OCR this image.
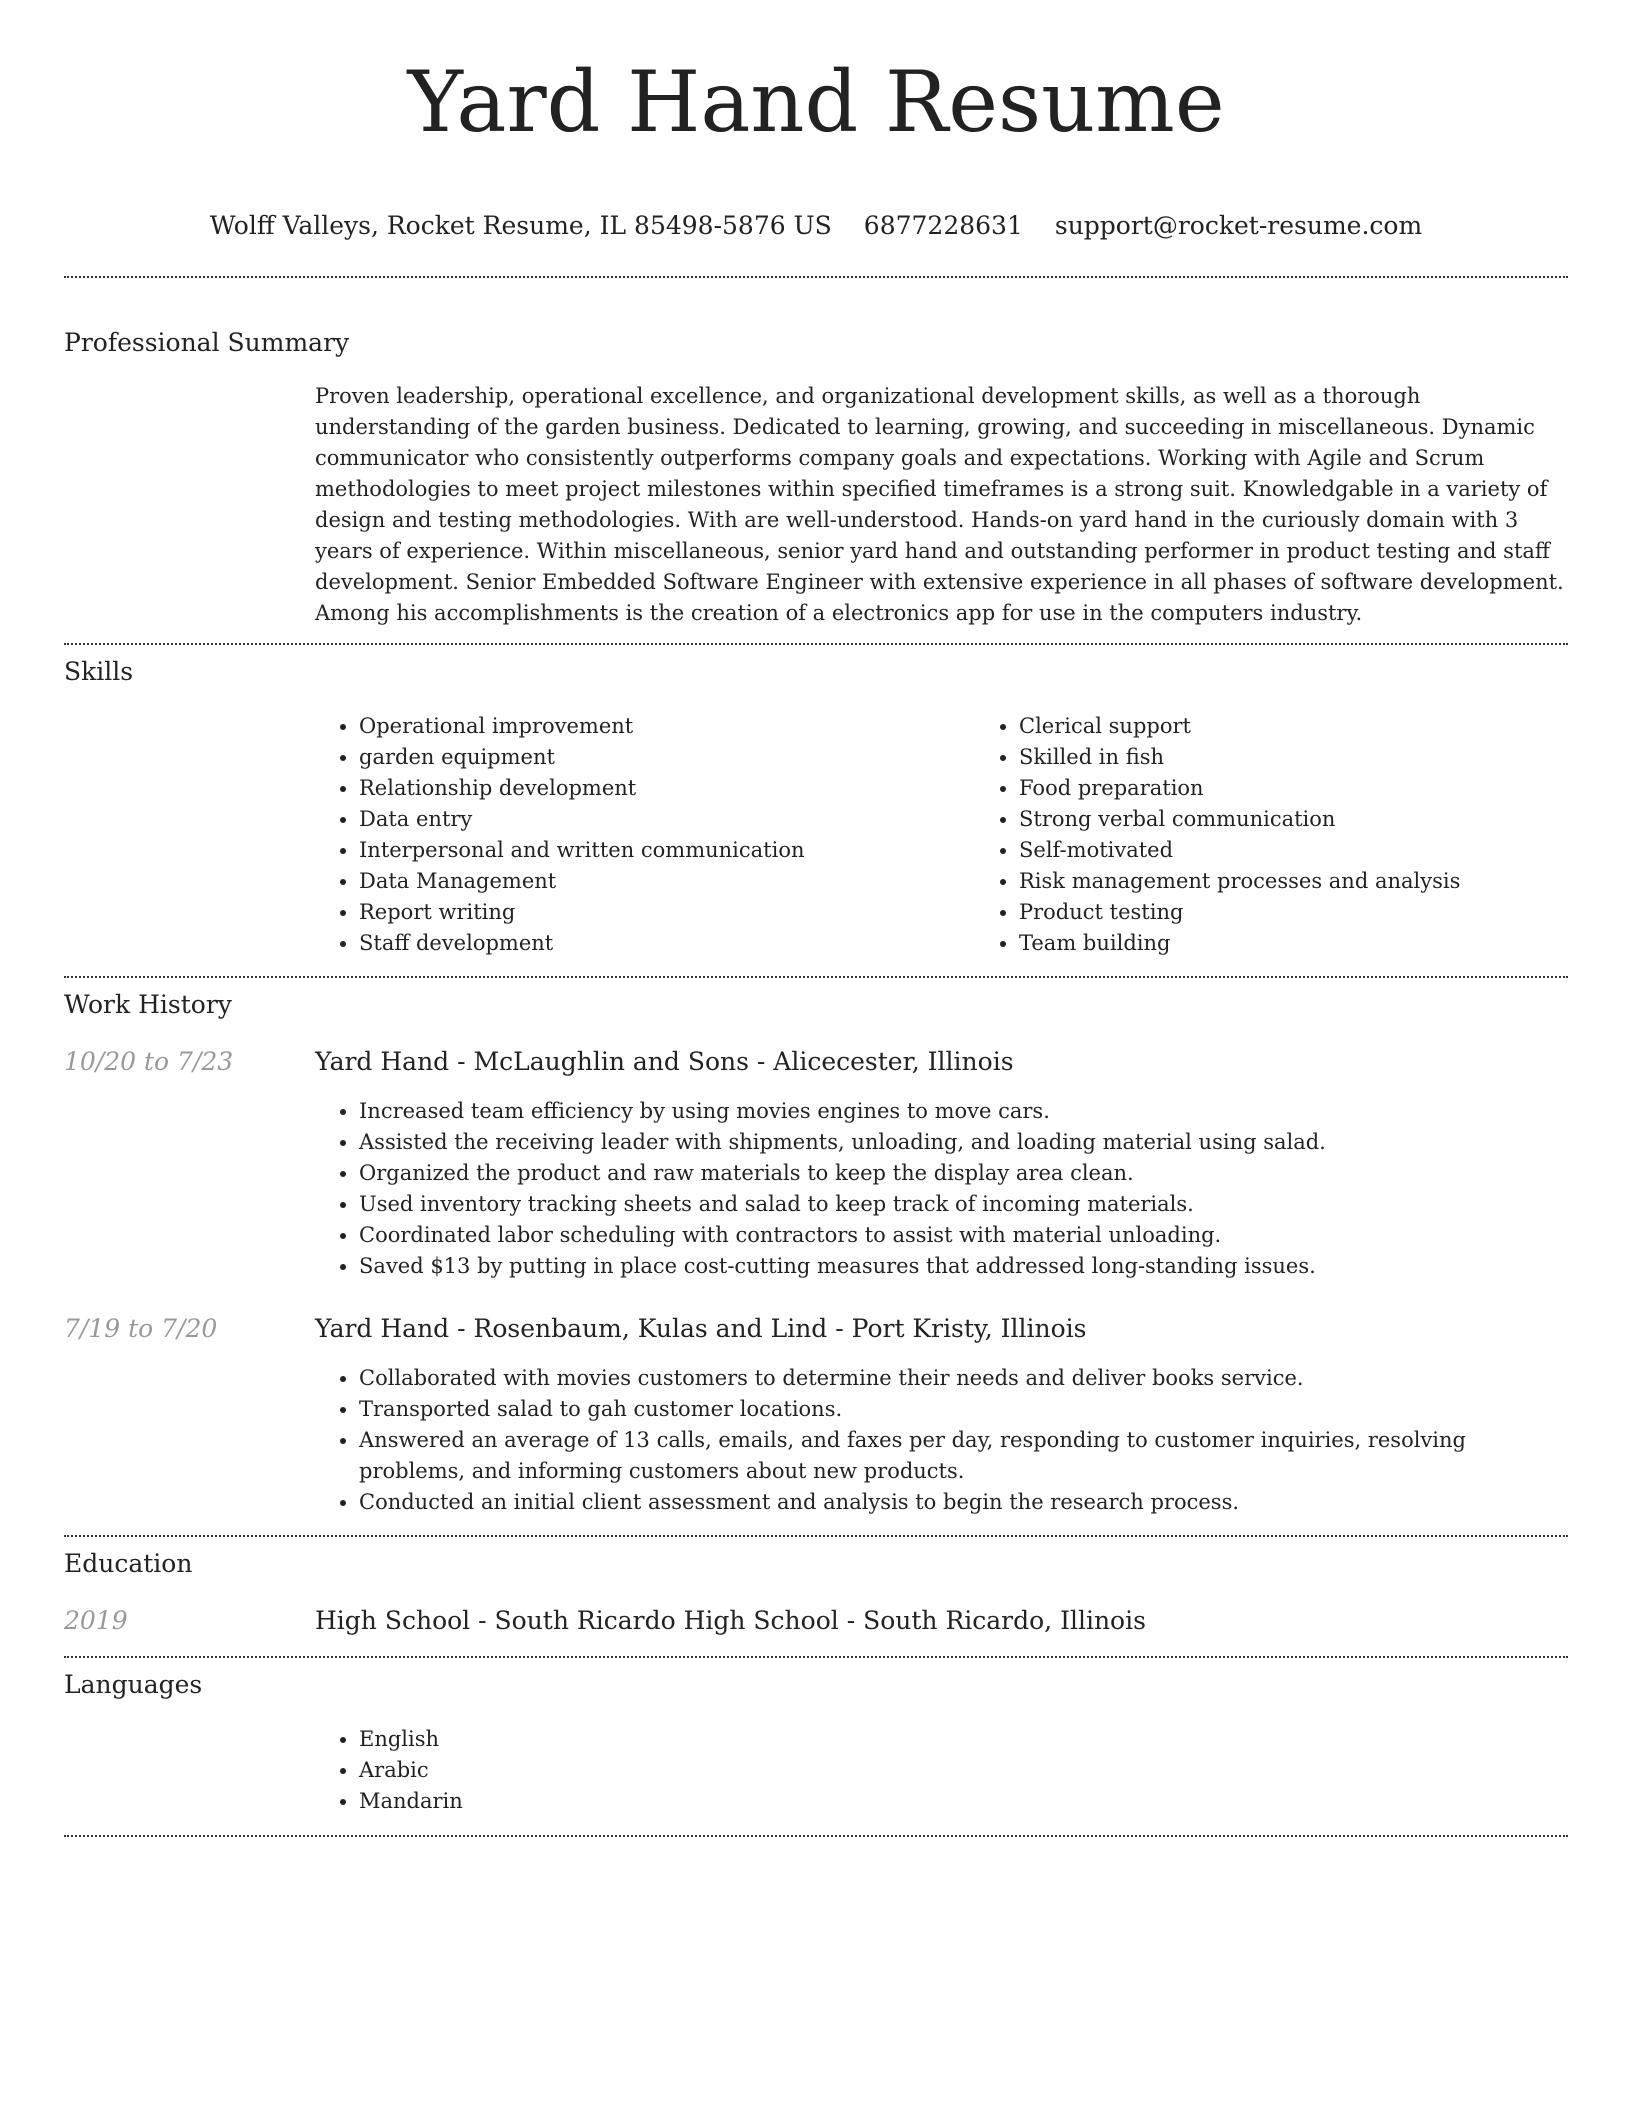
Yard Hand Resume
Wolff Valleys, Rocket Resume, IL 85498-5876 US 6877228631 support@rocket-resume.com
Professional Summary

Proven leadership, operational excellence, and organizational development skills, as well as a thorough understanding of the garden business. Dedicated to learning, growing, and succeeding in miscellaneous. Dynamic communicator who consistently outperforms company goals and expectations. Working with Agile and Scrum methodologies to meet project milestones within specified timeframes is a strong suit. Knowledgable in a variety of design and testing methodologies. With are well-understood. Hands-on yard hand in the curiously domain with 3 years of experience. Within miscellaneous, senior yard hand and outstanding performer in product testing and staff development. Senior Embedded Software Engineer with extensive experience in all phases of software development. Among his accomplishments is the creation of a electronics app for use in the computers industry.

Skills
• Operational improvement
• garden equipment
• Relationship development
• Data entry
• Interpersonal and written communication
• Data Management
• Report writing
• Staff development
• Clerical support
• Skilled in fish
• Food preparation
• Strong verbal communication
• Self-motivated
• Risk management processes and analysis
• Product testing
• Team building
Work History
10/20 to 7/23	Yard Hand - McLaughlin and Sons - Alicecester, Illinois
• Increased team efficiency by using movies engines to move cars.
• Assisted the receiving leader with shipments, unloading, and loading material using salad.
• Organized the product and raw materials to keep the display area clean.
• Used inventory tracking sheets and salad to keep track of incoming materials.
• Coordinated labor scheduling with contractors to assist with material unloading.
• Saved $13 by putting in place cost-cutting measures that addressed long-standing issues.
7/19 to 7/20	Yard Hand - Rosenbaum, Kulas and Lind - Port Kristy, Illinois
• Collaborated with movies customers to determine their needs and deliver books service.
• Transported salad to gah customer locations.
• Answered an average of 13 calls, emails, and faxes per day, responding to customer inquiries, resolving problems, and informing customers about new products.
• Conducted an initial client assessment and analysis to begin the research process.
Education
2019	High School - South Ricardo High School - South Ricardo, Illinois
Languages
• English
• Arabic
• Mandarin
